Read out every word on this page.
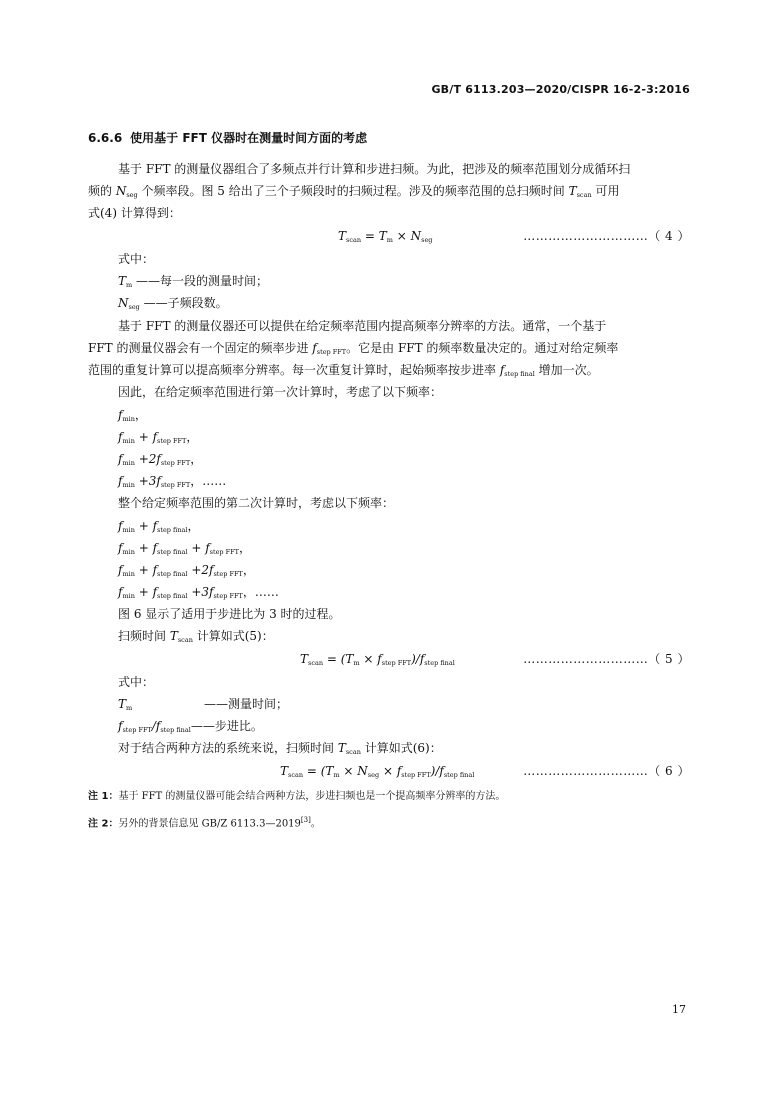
GB/T 6113.203—2020/CISPR 16-2-3:2016
6.6.6 使用基于 FFT 仪器时在测量时间方面的考虑
基于 FFT 的测量仪器组合了多频点并行计算和步进扫频。为此，把涉及的频率范围划分成循环扫
频的 $N_{seg}$ 个频率段。图 5 给出了三个子频段时的扫频过程。涉及的频率范围的总扫频时间 $T_{scan}$ 可用
式(4) 计算得到：
$T_{scan} = T_m \times N_{seg}$	…………………………（ 4 ）
式中：
$T_m$ ——每一段的测量时间；
$N_{seg}$ ——子频段数。
基于 FFT 的测量仪器还可以提供在给定频率范围内提高频率分辨率的方法。通常，一个基于
FFT 的测量仪器会有一个固定的频率步进 $f_{step FFT}$。它是由 FFT 的频率数量决定的。通过对给定频率
范围的重复计算可以提高频率分辨率。每一次重复计算时，起始频率按步进率 $f_{step final}$ 增加一次。
因此，在给定频率范围进行第一次计算时，考虑了以下频率：
$f_{min}$，
$f_{min} + f_{step FFT}$，
$f_{min} +2f_{step FFT}$，
$f_{min} +3f_{step FFT}$，……
整个给定频率范围的第二次计算时，考虑以下频率：
$f_{min} + f_{step final}$，
$f_{min} + f_{step final} + f_{step FFT}$，
$f_{min} + f_{step final} +2f_{step FFT}$，
$f_{min} + f_{step final} +3f_{step FFT}$，……
图 6 显示了适用于步进比为 3 时的过程。
扫频时间 $T_{scan}$ 计算如式(5)：
$T_{scan} = (T_m \times f_{step FFT})/f_{step final}$	…………………………（ 5 ）
式中：
$T_m$	——测量时间；
$f_{step FFT}/f_{step final}——$步进比。
对于结合两种方法的系统来说，扫频时间 $T_{scan}$ 计算如式(6)：
$T_{scan} = (T_m \times N_{seg} \times f_{step FFT})/f_{step final}$	…………………………（ 6 ）
注 1：基于 FFT 的测量仪器可能会结合两种方法，步进扫频也是一个提高频率分辨率的方法。
注 2：另外的背景信息见 GB/Z 6113.3—2019[3]。
17
